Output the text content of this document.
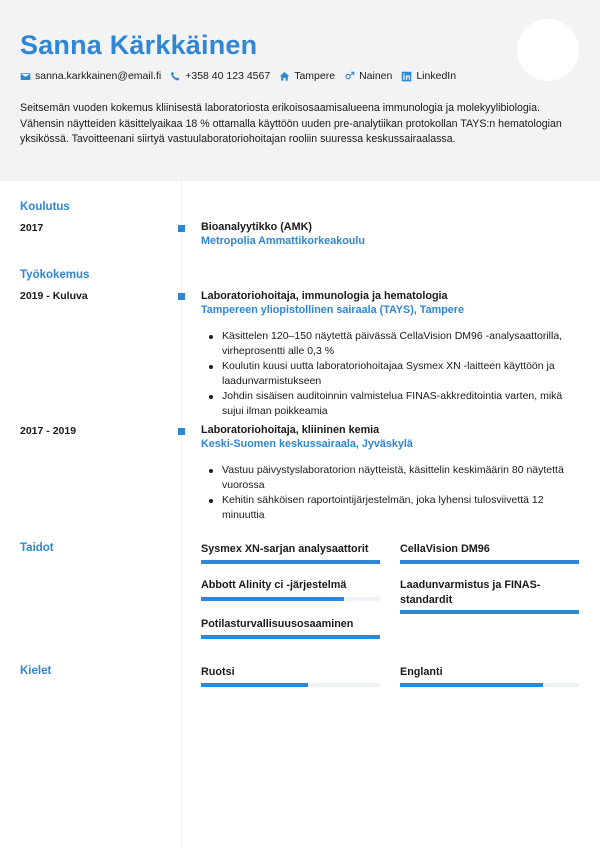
Sanna Kärkkäinen
sanna.karkkainen@email.fi +358 40 123 4567 Tampere Nainen LinkedIn
Seitsemän vuoden kokemus kliinisestä laboratoriosta erikoisosaamisalueena immunologia ja molekyylibiologia. Vähensin näytteiden käsittelyaikaa 18 % ottamalla käyttöön uuden pre-analytiikan protokollan TAYS:n hematologian yksikössä. Tavoitteenani siirtyä vastuulaboratoriohoitajan rooliin suuressa keskussairaalassa.
Koulutus
2017	Bioanalyytikko (AMK)
Metropolia Ammattikorkeakoulu
Työkokemus
2019 - Kuluva	Laboratoriohoitaja, immunologia ja hematologia
Tampereen yliopistollinen sairaala (TAYS), Tampere
Käsittelen 120–150 näytettä päivässä CellaVision DM96 -analysaattorilla, virheprosentti alle 0,3 %
Koulutin kuusi uutta laboratoriohoitajaa Sysmex XN -laitteen käyttöön ja laadunvarmistukseen
Johdin sisäisen auditoinnin valmistelua FINAS-akkreditointia varten, mikä sujui ilman poikkeamia
2017 - 2019	Laboratoriohoitaja, kliininen kemia
Keski-Suomen keskussairaala, Jyväskylä
Vastuu päivystyslaboratorion näytteistä, käsittelin keskimäärin 80 näytettä vuorossa
Kehitin sähköisen raportointijärjestelmän, joka lyhensi tulosviivettä 12 minuuttia
Taidot	Sysmex XN-sarjan analysaattorit	CellaVision DM96
Abbott Alinity ci -järjestelmä	Laadunvarmistus ja FINAS-standardit
Potilasturvallisuusosaaminen
Kielet	Ruotsi	Englanti
